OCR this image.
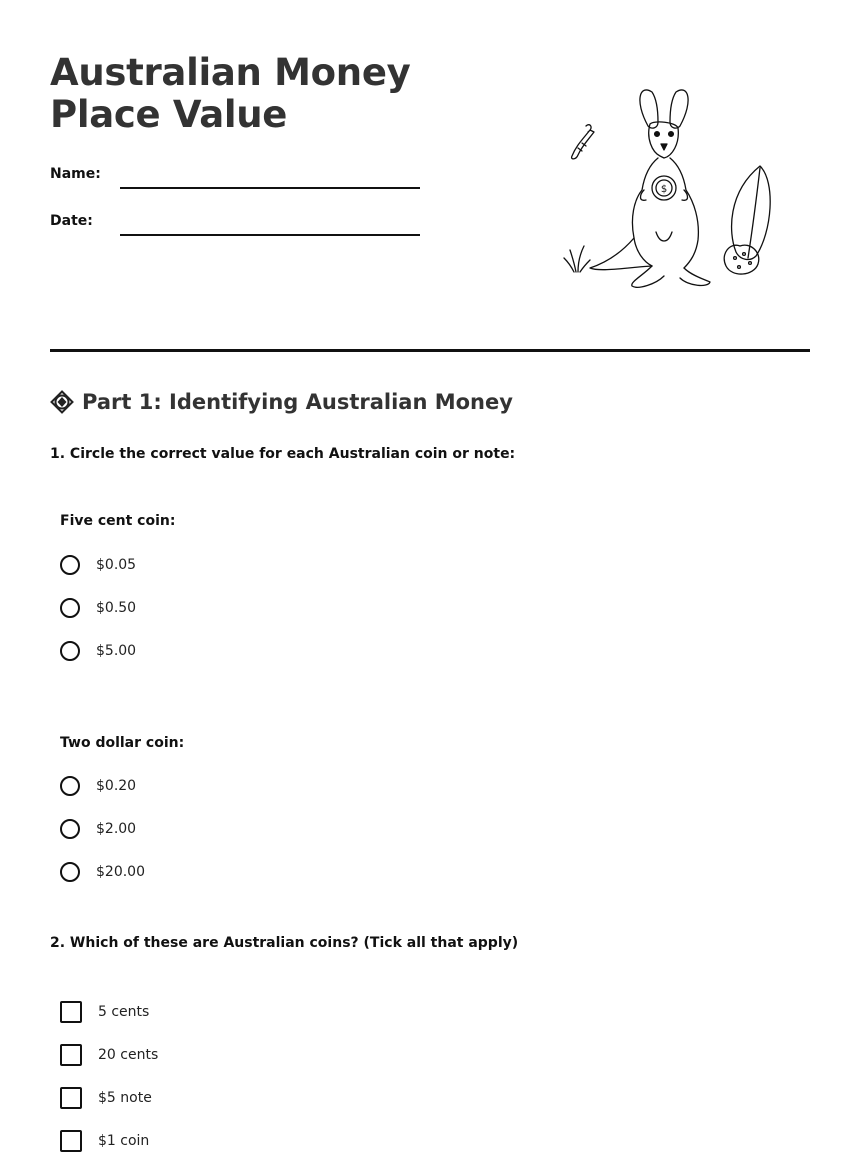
Australian Money Place Value
Name:
Date:
$
Part 1: Identifying Australian Money
1. Circle the correct value for each Australian coin or note:
Five cent coin:
$0.05
$0.50
$5.00
Two dollar coin:
$0.20
$2.00
$20.00
2. Which of these are Australian coins? (Tick all that apply)
5 cents
20 cents
$5 note
$1 coin
